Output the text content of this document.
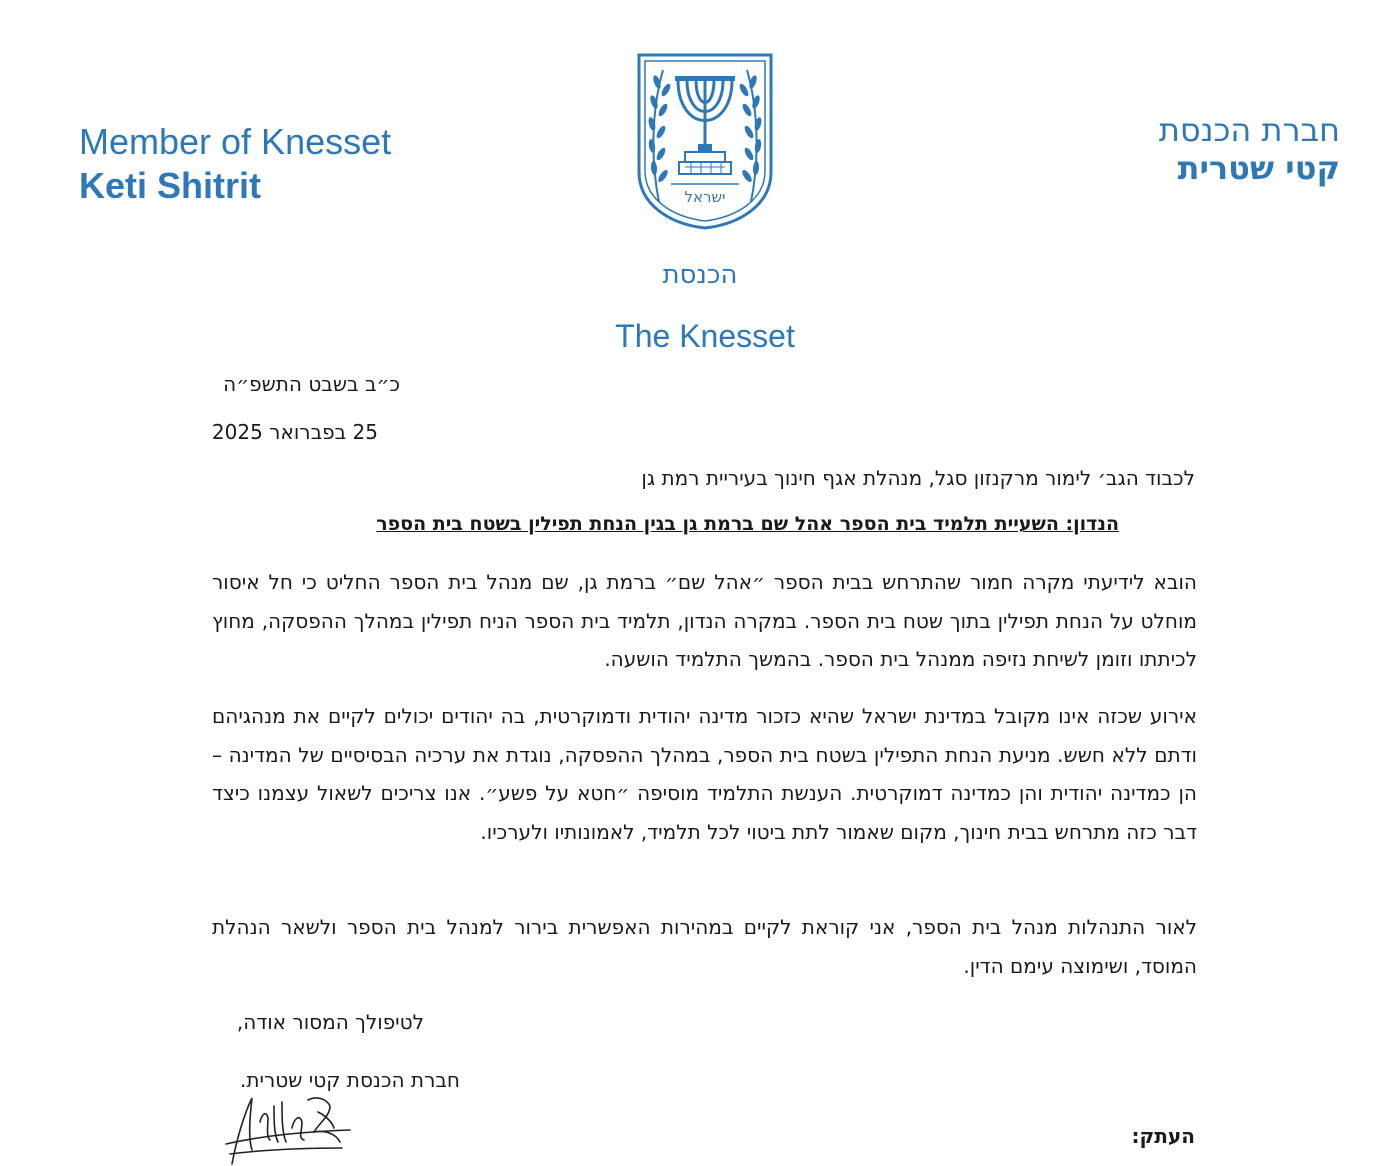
Member of Knesset
Keti Shitrit
חברת הכנסת
קטי שטרית
ישראל
הכנסת
The Knesset
כ״ב בשבט התשפ״ה
25 בפברואר 2025
לכבוד הגב׳ לימור מרקנזון סגל, מנהלת אגף חינוך בעיריית רמת גן
הנדון: השעיית תלמיד בית הספר אהל שם ברמת גן בגין הנחת תפילין בשטח בית הספר
הובא לידיעתי מקרה חמור שהתרחש בבית הספר ״אהל שם״ ברמת גן, שם מנהל בית הספר החליט כי חל איסור מוחלט על הנחת תפילין בתוך שטח בית הספר. במקרה הנדון, תלמיד בית הספר הניח תפילין במהלך ההפסקה, מחוץ לכיתתו וזומן לשיחת נזיפה ממנהל בית הספר. בהמשך התלמיד הושעה.
אירוע שכזה אינו מקובל במדינת ישראל שהיא כזכור מדינה יהודית ודמוקרטית, בה יהודים יכולים לקיים את מנהגיהם ודתם ללא חשש. מניעת הנחת התפילין בשטח בית הספר, במהלך ההפסקה, נוגדת את ערכיה הבסיסיים של המדינה – הן כמדינה יהודית והן כמדינה דמוקרטית. הענשת התלמיד מוסיפה ״חטא על פשע״. אנו צריכים לשאול עצמנו כיצד דבר כזה מתרחש בבית חינוך, מקום שאמור לתת ביטוי לכל תלמיד, לאמונותיו ולערכיו.
לאור התנהלות מנהל בית הספר, אני קוראת לקיים במהירות האפשרית בירור למנהל בית הספר ולשאר הנהלת המוסד, ושימוצה עימם הדין.
לטיפולך המסור אודה,
חברת הכנסת קטי שטרית.
העתק:
